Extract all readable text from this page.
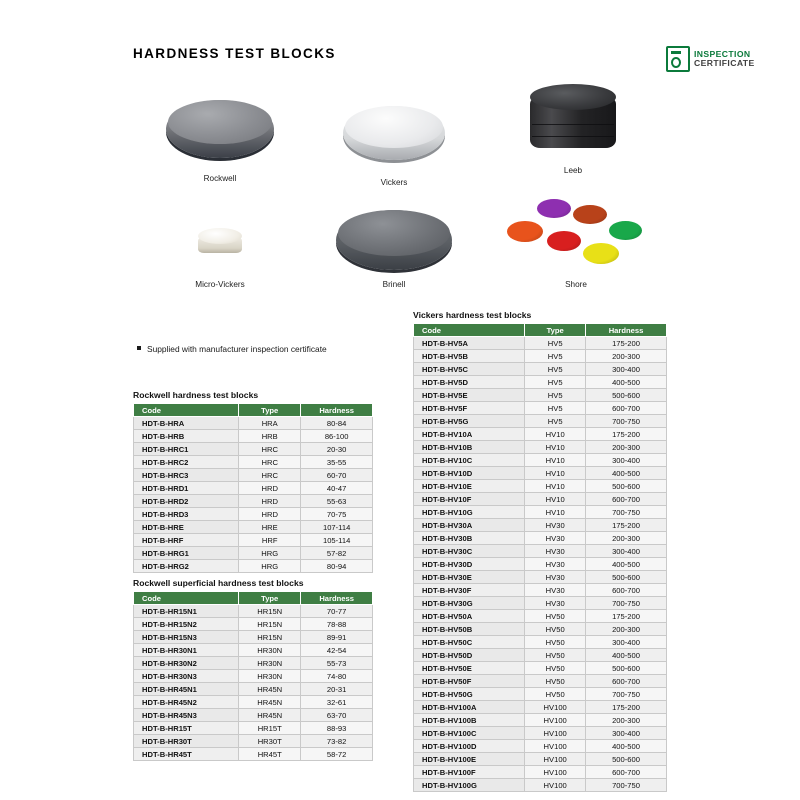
HARDNESS TEST BLOCKS	INSPECTION
CERTIFICATE
Rockwell	Vickers
Leeb
Micro-Vickers	Brinell	Shore
Supplied with manufacturer inspection certificate
Rockwell hardness test blocks
Code	Type	Hardness
HDT-B-HRA	HRA	80-84
HDT-B-HRB	HRB	86-100
HDT-B-HRC1	HRC	20-30
HDT-B-HRC2	HRC	35-55
HDT-B-HRC3	HRC	60-70
HDT-B-HRD1	HRD	40-47
HDT-B-HRD2	HRD	55-63
HDT-B-HRD3	HRD	70-75
HDT-B-HRE	HRE	107-114
HDT-B-HRF	HRF	105-114
HDT-B-HRG1	HRG	57-82
HDT-B-HRG2	HRG	80-94
Rockwell superficial hardness test blocks
Code	Type	Hardness
HDT-B-HR15N1	HR15N	70-77
HDT-B-HR15N2	HR15N	78-88
HDT-B-HR15N3	HR15N	89-91
HDT-B-HR30N1	HR30N	42-54
HDT-B-HR30N2	HR30N	55-73
HDT-B-HR30N3	HR30N	74-80
HDT-B-HR45N1	HR45N	20-31
HDT-B-HR45N2	HR45N	32-61
HDT-B-HR45N3	HR45N	63-70
HDT-B-HR15T	HR15T	88-93
HDT-B-HR30T	HR30T	73-82
HDT-B-HR45T	HR45T	58-72
Vickers hardness test blocks
Code	Type	Hardness
HDT-B-HV5A	HV5	175-200
HDT-B-HV5B	HV5	200-300
HDT-B-HV5C	HV5	300-400
HDT-B-HV5D	HV5	400-500
HDT-B-HV5E	HV5	500-600
HDT-B-HV5F	HV5	600-700
HDT-B-HV5G	HV5	700-750
HDT-B-HV10A	HV10	175-200
HDT-B-HV10B	HV10	200-300
HDT-B-HV10C	HV10	300-400
HDT-B-HV10D	HV10	400-500
HDT-B-HV10E	HV10	500-600
HDT-B-HV10F	HV10	600-700
HDT-B-HV10G	HV10	700-750
HDT-B-HV30A	HV30	175-200
HDT-B-HV30B	HV30	200-300
HDT-B-HV30C	HV30	300-400
HDT-B-HV30D	HV30	400-500
HDT-B-HV30E	HV30	500-600
HDT-B-HV30F	HV30	600-700
HDT-B-HV30G	HV30	700-750
HDT-B-HV50A	HV50	175-200
HDT-B-HV50B	HV50	200-300
HDT-B-HV50C	HV50	300-400
HDT-B-HV50D	HV50	400-500
HDT-B-HV50E	HV50	500-600
HDT-B-HV50F	HV50	600-700
HDT-B-HV50G	HV50	700-750
HDT-B-HV100A	HV100	175-200
HDT-B-HV100B	HV100	200-300
HDT-B-HV100C	HV100	300-400
HDT-B-HV100D	HV100	400-500
HDT-B-HV100E	HV100	500-600
HDT-B-HV100F	HV100	600-700
HDT-B-HV100G	HV100	700-750
